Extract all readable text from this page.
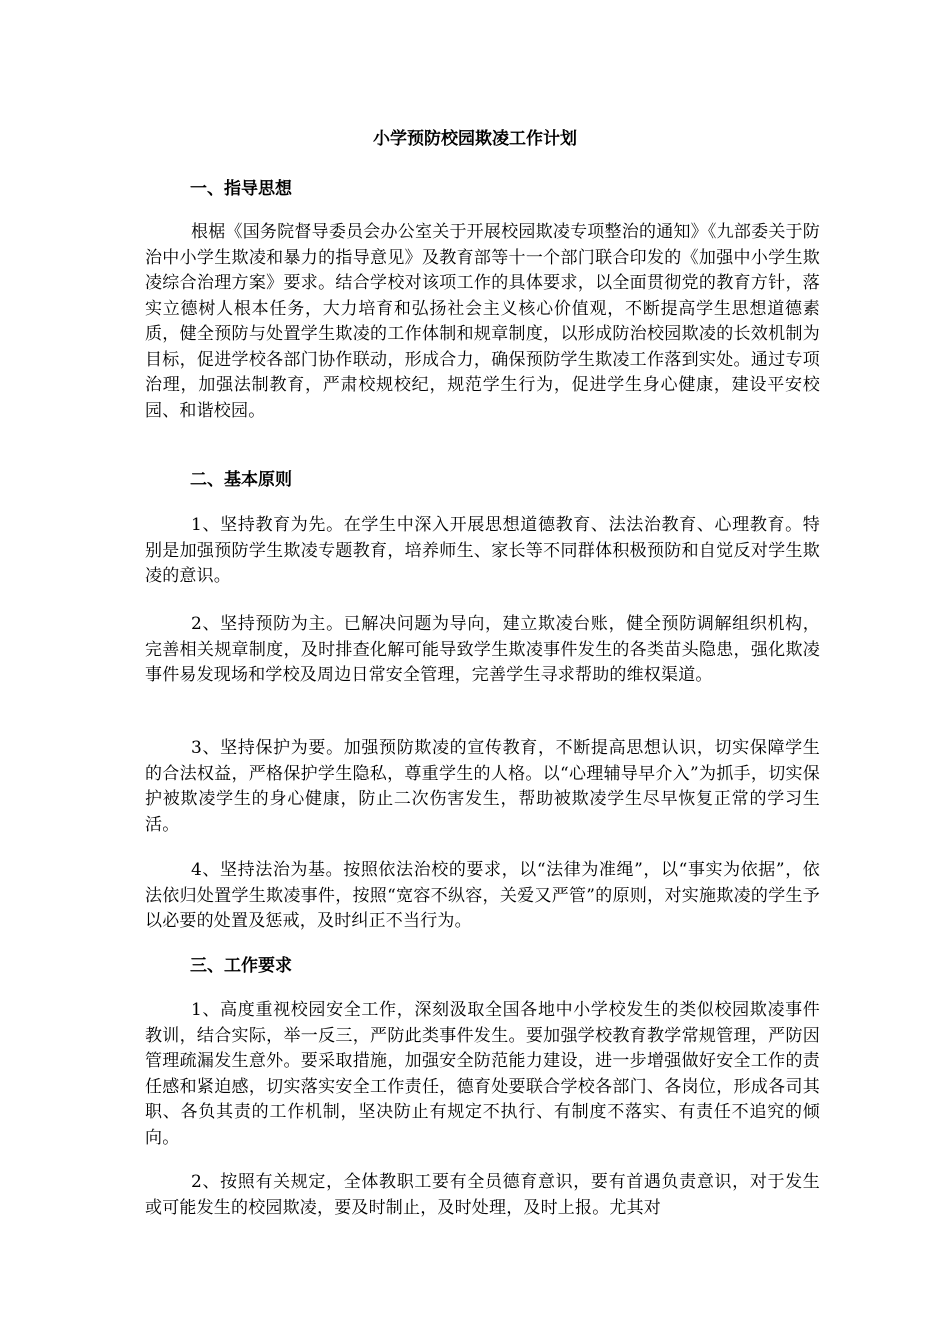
小学预防校园欺凌工作计划
一、指导思想

根椐《国务院督导委员会办公室关于开展校园欺凌专项整治的通知》《九部委关于防治中小学生欺凌和暴力的指导意见》及教育部等十一个部门联合印发的《加强中小学生欺凌综合治理方案》要求。结合学校对该项工作的具体要求，以全面贯彻党的教育方针，落实立德树人根本任务，大力培育和弘扬社会主义核心价值观，不断提高学生思想道德素质，健全预防与处置学生欺凌的工作体制和规章制度，以形成防治校园欺凌的长效机制为目标，促进学校各部门协作联动，形成合力，确保预防学生欺凌工作落到实处。通过专项治理，加强法制教育，严肃校规校纪，规范学生行为，促进学生身心健康，建设平安校园、和谐校园。

二、基本原则

1、坚持教育为先。在学生中深入开展思想道德教育、法法治教育、心理教育。特别是加强预防学生欺凌专题教育，培养师生、家长等不同群体积极预防和自觉反对学生欺凌的意识。

2、坚持预防为主。已解决问题为导向，建立欺凌台账，健全预防调解组织机构，完善相关规章制度，及时排查化解可能导致学生欺凌事件发生的各类苗头隐患，强化欺凌事件易发现场和学校及周边日常安全管理，完善学生寻求帮助的维权渠道。

3、坚持保护为要。加强预防欺凌的宣传教育，不断提高思想认识，切实保障学生的合法权益，严格保护学生隐私，尊重学生的人格。以“心理辅导早介入”为抓手，切实保护被欺凌学生的身心健康，防止二次伤害发生，帮助被欺凌学生尽早恢复正常的学习生活。

4、坚持法治为基。按照依法治校的要求，以“法律为准绳”，以“事实为依据”，依法依归处置学生欺凌事件，按照“宽容不纵容，关爱又严管”的原则，对实施欺凌的学生予以必要的处置及惩戒，及时纠正不当行为。

三、工作要求

1、高度重视校园安全工作，深刻汲取全国各地中小学校发生的类似校园欺凌事件教训，结合实际，举一反三，严防此类事件发生。要加强学校教育教学常规管理，严防因管理疏漏发生意外。要采取措施，加强安全防范能力建设，进一步增强做好安全工作的责任感和紧迫感，切实落实安全工作责任，德育处要联合学校各部门、各岗位，形成各司其职、各负其责的工作机制，坚决防止有规定不执行、有制度不落实、有责任不追究的倾向。

2、按照有关规定，全体教职工要有全员德育意识，要有首遇负责意识，对于发生或可能发生的校园欺凌，要及时制止，及时处理，及时上报。尤其对
